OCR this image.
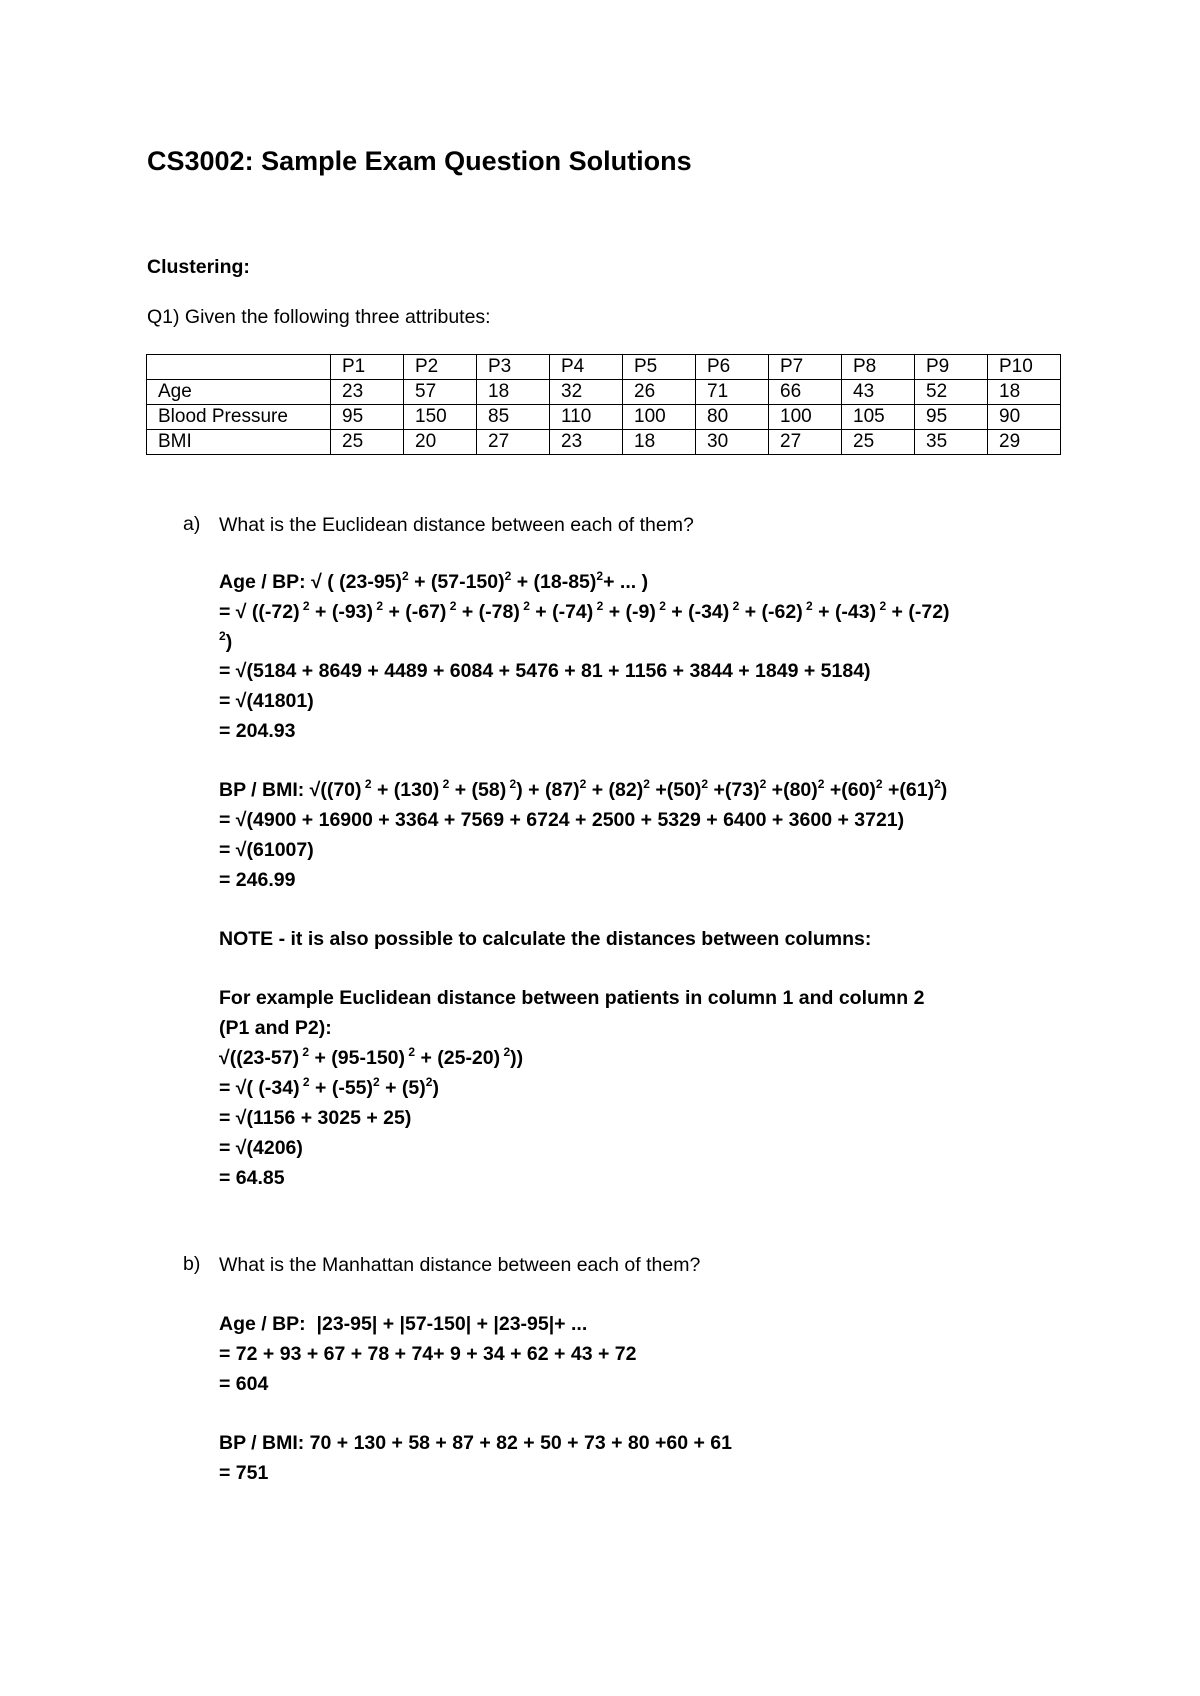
CS3002: Sample Exam Question Solutions
Clustering:
Q1) Given the following three attributes:
	P1	P2	P3	P4	P5	P6	P7	P8	P9	P10
Age	23	57	18	32	26	71	66	43	52	18
Blood Pressure	95	150	85	110	100	80	100	105	95	90
BMI	25	20	27	23	18	30	27	25	35	29
a) What is the Euclidean distance between each of them?
Age / BP: √ ( $(23-95)^2 + (57-150)^2 + (18-85)^2+$ ... )
= √ ((-72) $^2$ + (-93) $^2$ + (-67) $^2$ + (-78) $^2$ + (-74) $^2$ + (-9) $^2$ + (-34) $^2$ + (-62) $^2$ + (-43) $^2$ + (-72)
$^2$)
= √(5184 + 8649 + 4489 + 6084 + 5476 + 81 + 1156 + 3844 + 1849 + 5184)
= √(41801)
= 204.93
BP / BMI: √((70) $^2$ + (130) $^2$ + (58) $^2) + (87)^2 + (82)^2 +(50)^2 +(73)^2 +(80)^2 +(60)^2 +(61)^2$)
= √(4900 + 16900 + 3364 + 7569 + 6724 + 2500 + 5329 + 6400 + 3600 + 3721)
= √(61007)
= 246.99
NOTE - it is also possible to calculate the distances between columns:
For example Euclidean distance between patients in column 1 and column 2
(P1 and P2):
√((23-57) $^2$ + (95-150) $^2$ + (25-20) $^2$))
= √( (-34) $^2 + (-55)^2 + (5)^2$)
= √(1156 + 3025 + 25)
= √(4206)
= 64.85
b) What is the Manhattan distance between each of them?
Age / BP: |23-95| + |57-150| + |23-95|+ ...
= 72 + 93 + 67 + 78 + 74+ 9 + 34 + 62 + 43 + 72
= 604
BP / BMI: 70 + 130 + 58 + 87 + 82 + 50 + 73 + 80 +60 + 61
= 751
